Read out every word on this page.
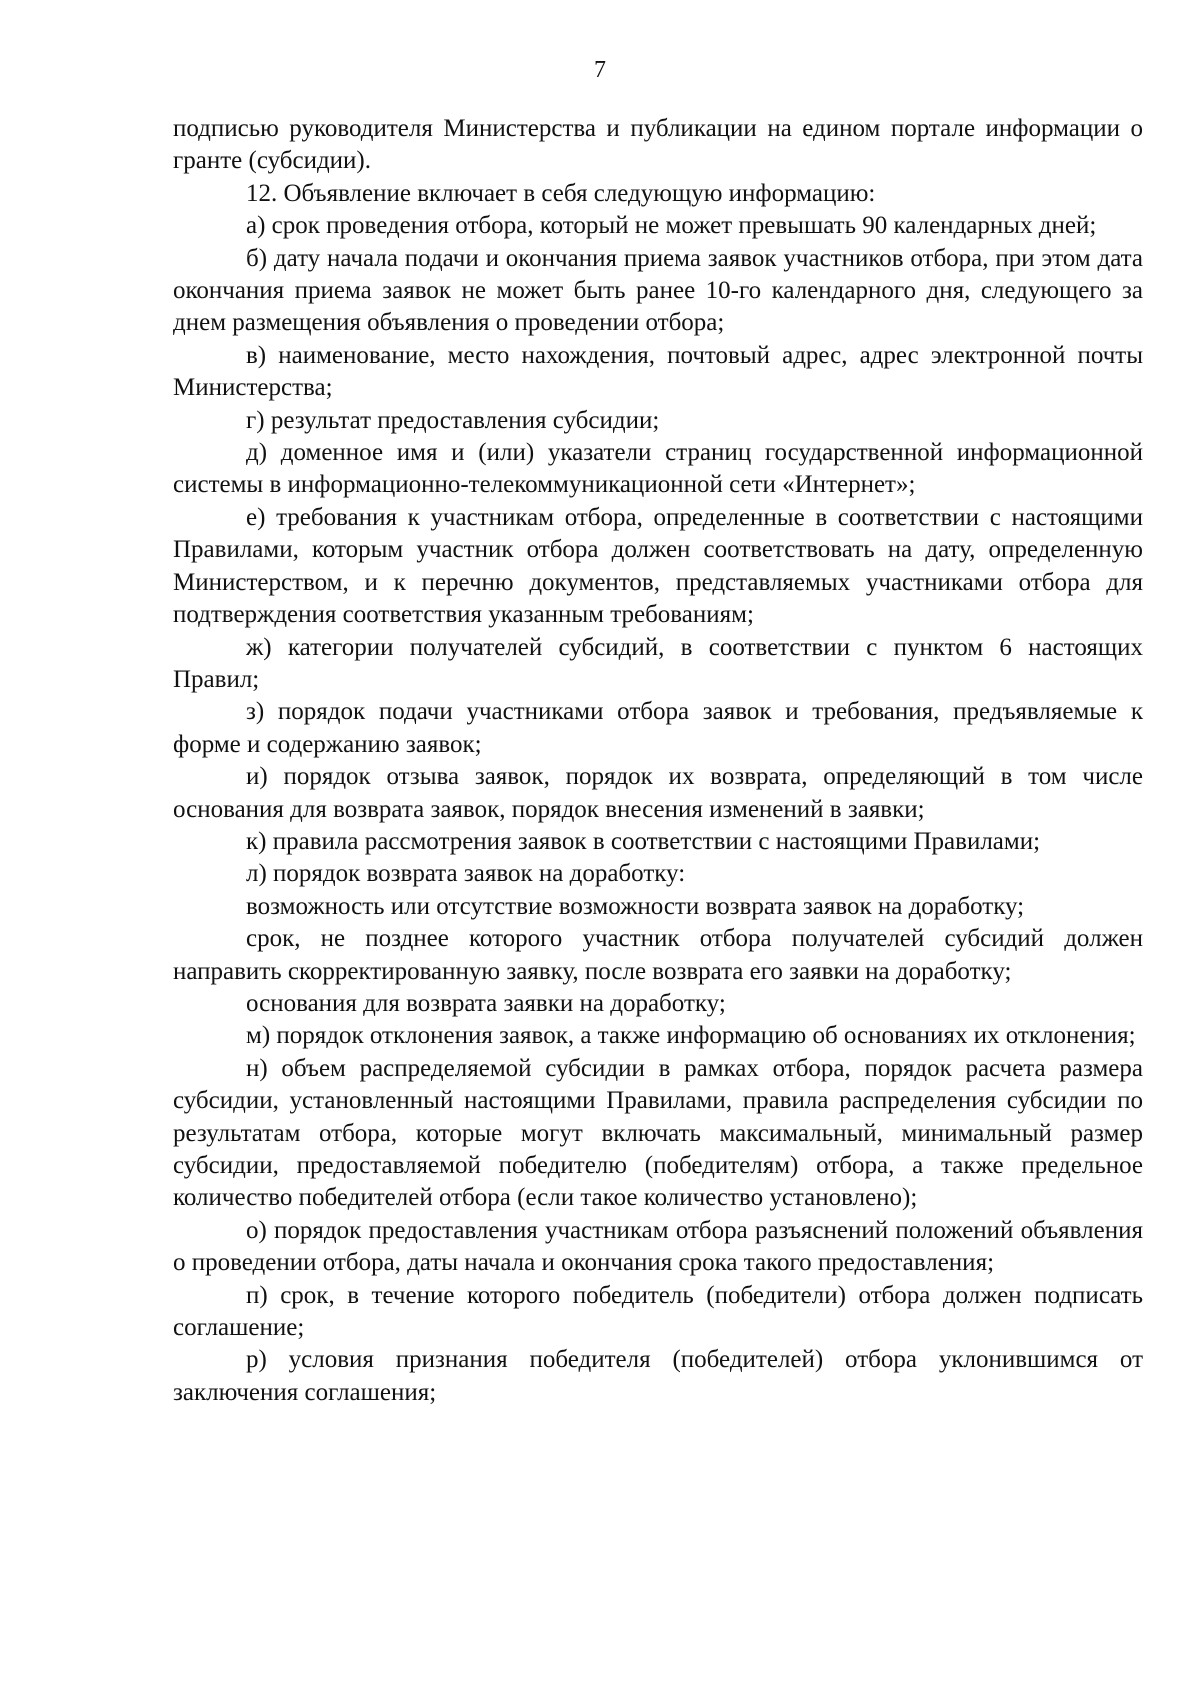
7

подписью руководителя Министерства и публикации на едином портале информации о гранте (субсидии).

12. Объявление включает в себя следующую информацию:

а) срок проведения отбора, который не может превышать 90 календарных дней;

б) дату начала подачи и окончания приема заявок участников отбора, при этом дата окончания приема заявок не может быть ранее 10-го календарного дня, следующего за днем размещения объявления о проведении отбора;

в) наименование, место нахождения, почтовый адрес, адрес электронной почты Министерства;

г) результат предоставления субсидии;

д) доменное имя и (или) указатели страниц государственной информационной системы в информационно-телекоммуникационной сети «Интернет»;

е) требования к участникам отбора, определенные в соответствии с настоящими Правилами, которым участник отбора должен соответствовать на дату, определенную Министерством, и к перечню документов, представляемых участниками отбора для подтверждения соответствия указанным требованиям;

ж) категории получателей субсидий, в соответствии с пунктом 6 настоящих Правил;

з) порядок подачи участниками отбора заявок и требования, предъявляемые к форме и содержанию заявок;

и) порядок отзыва заявок, порядок их возврата, определяющий в том числе основания для возврата заявок, порядок внесения изменений в заявки;

к) правила рассмотрения заявок в соответствии с настоящими Правилами;

л) порядок возврата заявок на доработку:

возможность или отсутствие возможности возврата заявок на доработку;

срок, не позднее которого участник отбора получателей субсидий должен направить скорректированную заявку, после возврата его заявки на доработку;

основания для возврата заявки на доработку;

м) порядок отклонения заявок, а также информацию об основаниях их отклонения;

н) объем распределяемой субсидии в рамках отбора, порядок расчета размера субсидии, установленный настоящими Правилами, правила распределения субсидии по результатам отбора, которые могут включать максимальный, минимальный размер субсидии, предоставляемой победителю (победителям) отбора, а также предельное количество победителей отбора (если такое количество установлено);

о) порядок предоставления участникам отбора разъяснений положений объявления о проведении отбора, даты начала и окончания срока такого предоставления;

п) срок, в течение которого победитель (победители) отбора должен подписать соглашение;

р) условия признания победителя (победителей) отбора уклонившимся от заключения соглашения;
